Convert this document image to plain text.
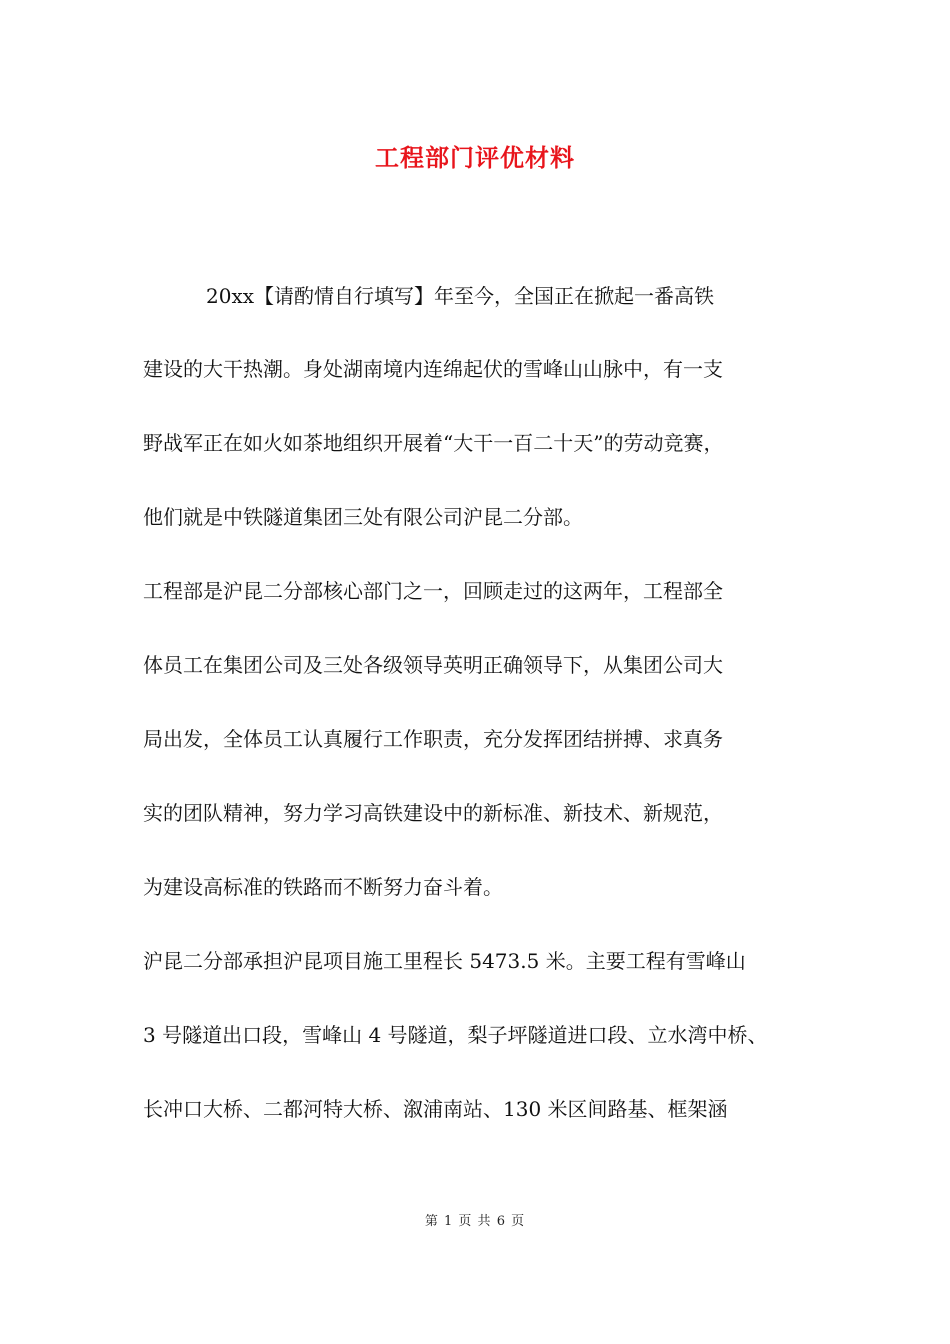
工程部门评优材料
20xx【请酌情自行填写】年至今，全国正在掀起一番高铁
建设的大干热潮。身处湖南境内连绵起伏的雪峰山山脉中，有一支
野战军正在如火如茶地组织开展着“大干一百二十天”的劳动竞赛，
他们就是中铁隧道集团三处有限公司沪昆二分部。
工程部是沪昆二分部核心部门之一，回顾走过的这两年，工程部全
体员工在集团公司及三处各级领导英明正确领导下，从集团公司大
局出发，全体员工认真履行工作职责，充分发挥团结拼搏、求真务
实的团队精神，努力学习高铁建设中的新标准、新技术、新规范，
为建设高标准的铁路而不断努力奋斗着。
沪昆二分部承担沪昆项目施工里程长 5473.5 米。主要工程有雪峰山
3 号隧道出口段，雪峰山 4 号隧道，梨子坪隧道进口段、立水湾中桥、
长冲口大桥、二都河特大桥、溆浦南站、130 米区间路基、框架涵
第 1 页 共 6 页
